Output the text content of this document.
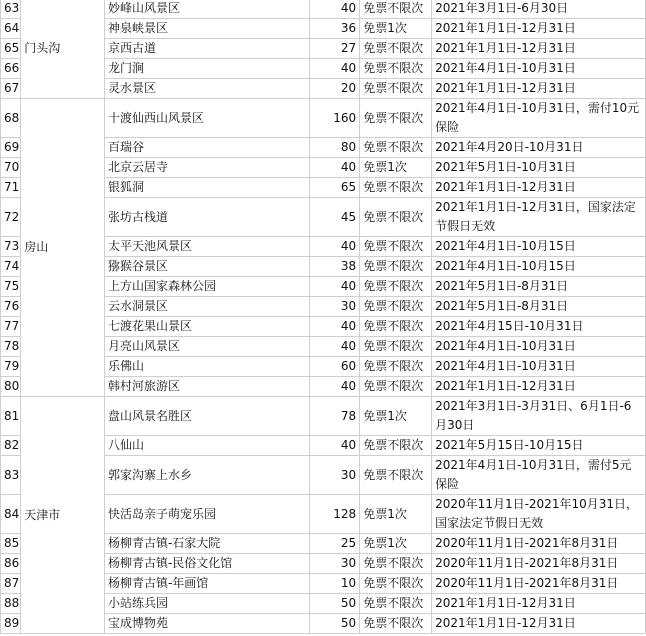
63	门头沟	妙峰山风景区	40	免票不限次	2021年3月1日-6月30日
64		神泉峡景区	36	免票1次	2021年1月1日-12月31日
65		京西古道	27	免票不限次	2021年1月1日-12月31日
66		龙门涧	40	免票不限次	2021年4月1日-10月31日
67		灵水景区	20	免票不限次	2021年1月1日-12月31日
68	房山	十渡仙西山风景区	160	免票不限次	2021年4月1日-10月31日，需付10元保险
69		百瑞谷	80	免票不限次	2021年4月20日-10月31日
70		北京云居寺	40	免票1次	2021年5月1日-10月31日
71		银狐洞	65	免票不限次	2021年1月1日-12月31日
72		张坊古栈道	45	免票不限次	2021年1月1日-12月31日，国家法定节假日无效
73		太平天池风景区	40	免票不限次	2021年4月1日-10月15日
74		猕猴谷景区	38	免票不限次	2021年4月1日-10月15日
75		上方山国家森林公园	40	免票不限次	2021年5月1日-8月31日
76		云水洞景区	30	免票不限次	2021年5月1日-8月31日
77		七渡花果山景区	40	免票不限次	2021年4月15日-10月31日
78		月亮山风景区	40	免票不限次	2021年4月1日-10月31日
79		乐佛山	60	免票不限次	2021年4月1日-10月31日
80		韩村河旅游区	40	免票不限次	2021年1月1日-12月31日
81	天津市	盘山风景名胜区	78	免票1次	2021年3月1日-3月31日、6月1日-6月30日
82		八仙山	40	免票不限次	2021年5月15日-10月15日
83		郭家沟寨上水乡	30	免票不限次	2021年4月1日-10月31日，需付5元保险
84		快活岛亲子萌宠乐园	128	免票1次	2020年11月1日-2021年10月31日，国家法定节假日无效
85		杨柳青古镇-石家大院	25	免票1次	2020年11月1日-2021年8月31日
86		杨柳青古镇-民俗文化馆	30	免票不限次	2020年11月1日-2021年8月31日
87		杨柳青古镇-年画馆	10	免票不限次	2020年11月1日-2021年8月31日
88		小站练兵园	50	免票不限次	2021年1月1日-12月31日
89		宝成博物苑	50	免票不限次	2021年1月1日-12月31日
